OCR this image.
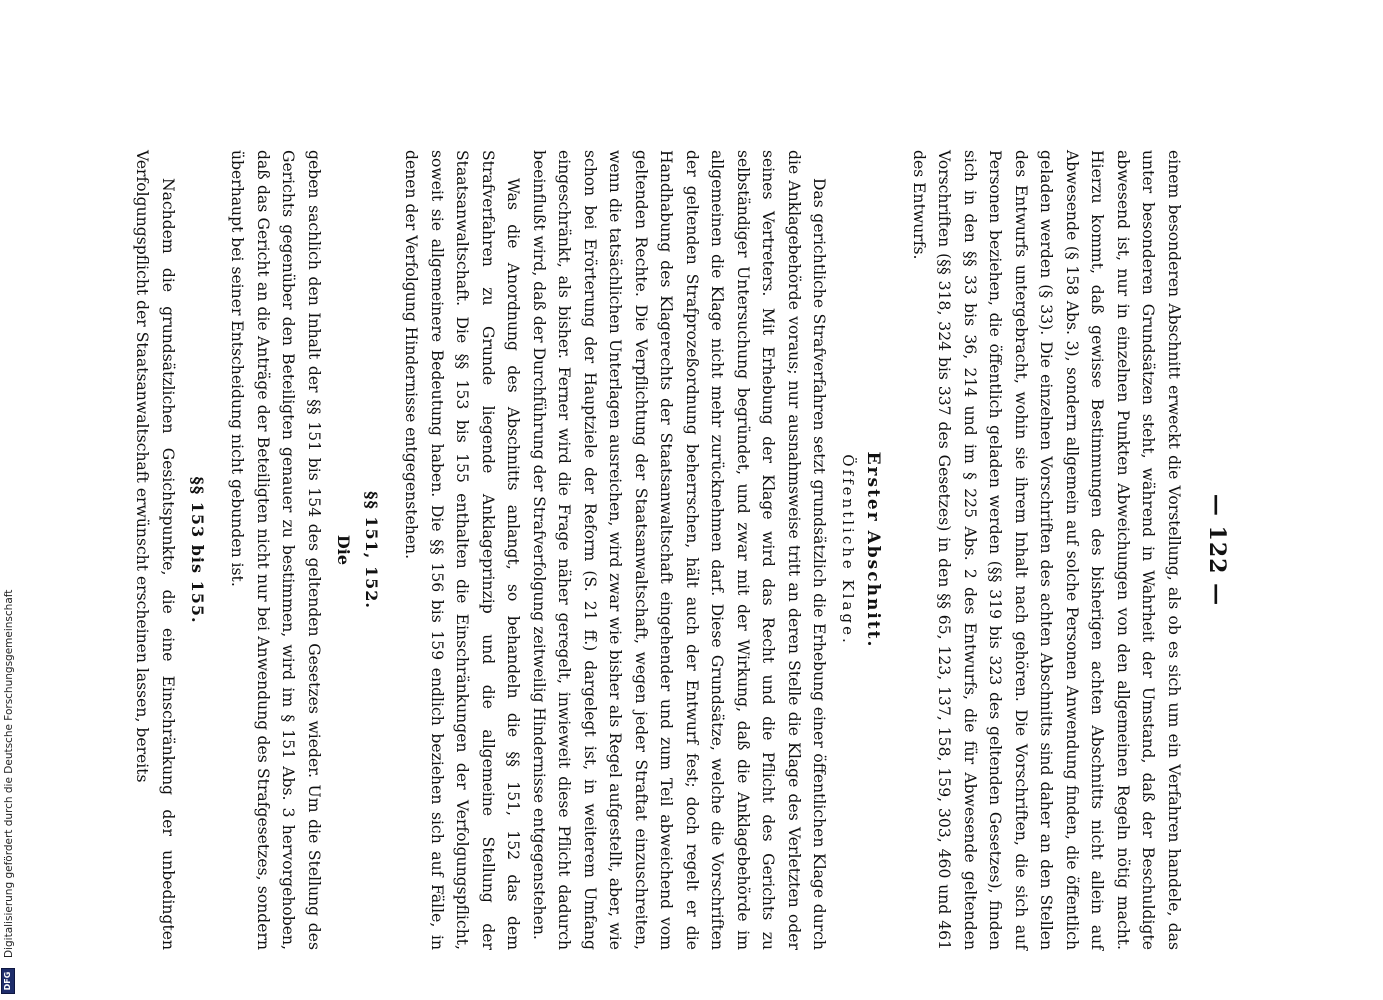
— 122 —

einem besonderen Abschnitt erweckt die Vorstellung, als ob es sich um ein Verfahren handele, das unter besonderen Grundsätzen steht, während in Wahrheit der Umstand, daß der Beschuldigte abwesend ist, nur in einzelnen Punkten Abweichungen von den allgemeinen Regeln nötig macht. Hierzu kommt, daß gewisse Bestimmungen des bisherigen achten Abschnitts nicht allein auf Abwesende (§ 158 Abs. 3), sondern allgemein auf solche Personen Anwendung finden, die öffentlich geladen werden (§ 33). Die einzelnen Vorschriften des achten Abschnitts sind daher an den Stellen des Entwurfs untergebracht, wohin sie ihrem Inhalt nach gehören. Die Vorschriften, die sich auf Personen beziehen, die öffentlich geladen werden (§§ 319 bis 323 des geltenden Gesetzes), finden sich in den §§ 33 bis 36, 214 und im § 225 Abs. 2 des Entwurfs, die für Abwesende geltenden Vorschriften (§§ 318, 324 bis 337 des Gesetzes) in den §§ 65, 123, 137, 158, 159, 303, 460 und 461 des Entwurfs.

Erster Abschnitt.
Öffentliche Klage.

Das gerichtliche Strafverfahren setzt grundsätzlich die Erhebung einer öffentlichen Klage durch die Anklagebehörde voraus; nur ausnahmsweise tritt an deren Stelle die Klage des Verletzten oder seines Vertreters. Mit Erhebung der Klage wird das Recht und die Pflicht des Gerichts zu selbständiger Untersuchung begründet, und zwar mit der Wirkung, daß die Anklagebehörde im allgemeinen die Klage nicht mehr zurücknehmen darf. Diese Grundsätze, welche die Vorschriften der geltenden Strafprozeßordnung beherrschen, hält auch der Entwurf fest; doch regelt er die Handhabung des Klagerechts der Staatsanwaltschaft eingehender und zum Teil abweichend vom geltenden Rechte. Die Verpflichtung der Staatsanwaltschaft, wegen jeder Straftat einzuschreiten, wenn die tatsächlichen Unterlagen ausreichen, wird zwar wie bisher als Regel aufgestellt, aber, wie schon bei Erörterung der Hauptziele der Reform (S. 21 ff.) dargelegt ist, in weiterem Umfang eingeschränkt, als bisher. Ferner wird die Frage näher geregelt, inwieweit diese Pflicht dadurch beeinflußt wird, daß der Durchführung der Strafverfolgung zeitweilig Hindernisse entgegenstehen.

Was die Anordnung des Abschnitts anlangt, so behandeln die §§ 151, 152 das dem Strafverfahren zu Grunde liegende Anklageprinzip und die allgemeine Stellung der Staatsanwaltschaft. Die §§ 153 bis 155 enthalten die Einschränkungen der Verfolgungspflicht, soweit sie allgemeinere Bedeutung haben. Die §§ 156 bis 159 endlich beziehen sich auf Fälle, in denen der Verfolgung Hindernisse entgegenstehen.

§§ 151, 152.
Die

geben sachlich den Inhalt der §§ 151 bis 154 des geltenden Gesetzes wieder. Um die Stellung des Gerichts gegenüber den Beteiligten genauer zu bestimmen, wird im § 151 Abs. 3 hervorgehoben, daß das Gericht an die Anträge der Beteiligten nicht nur bei Anwendung des Strafgesetzes, sondern überhaupt bei seiner Entscheidung nicht gebunden ist.

§§ 153 bis 155.

Nachdem die grundsätzlichen Gesichtspunkte, die eine Einschränkung der unbedingten Verfolgungspflicht der Staatsanwaltschaft erwünscht erscheinen lassen, bereits

Digitalisierung gefördert durch die Deutsche Forschungsgemeinschaft
DFG
